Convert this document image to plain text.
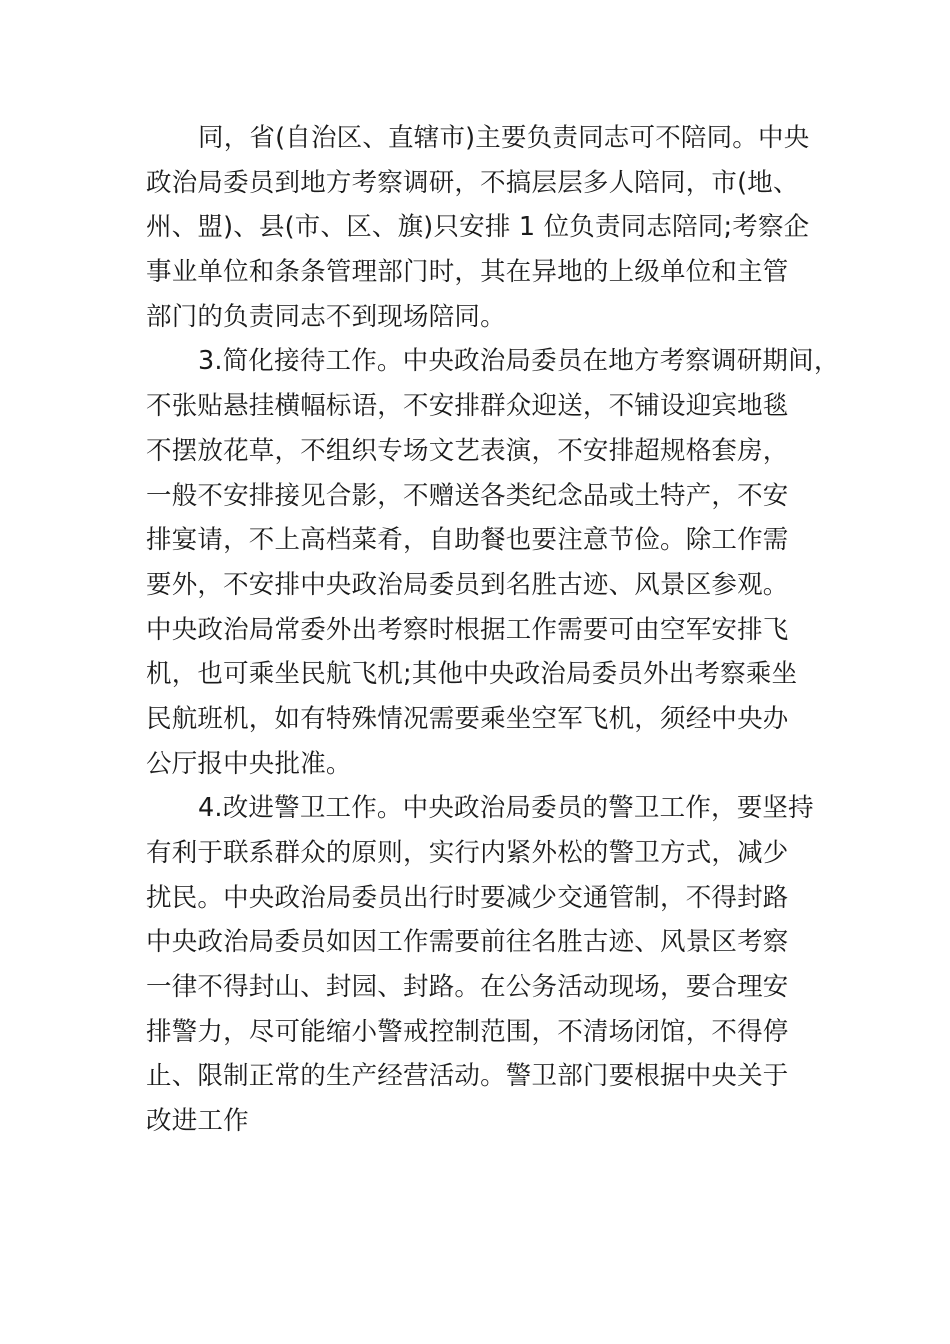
同，省(自治区、直辖市)主要负责同志可不陪同。中央
政治局委员到地方考察调研，不搞层层多人陪同，市(地、
州、盟)、县(市、区、旗)只安排 1 位负责同志陪同;考察企
事业单位和条条管理部门时，其在异地的上级单位和主管
部门的负责同志不到现场陪同。
3.简化接待工作。中央政治局委员在地方考察调研期间，
不张贴悬挂横幅标语，不安排群众迎送，不铺设迎宾地毯
不摆放花草，不组织专场文艺表演，不安排超规格套房，
一般不安排接见合影，不赠送各类纪念品或土特产，不安
排宴请，不上高档菜肴，自助餐也要注意节俭。除工作需
要外，不安排中央政治局委员到名胜古迹、风景区参观。
中央政治局常委外出考察时根据工作需要可由空军安排飞
机，也可乘坐民航飞机;其他中央政治局委员外出考察乘坐
民航班机，如有特殊情况需要乘坐空军飞机，须经中央办
公厅报中央批准。
4.改进警卫工作。中央政治局委员的警卫工作，要坚持
有利于联系群众的原则，实行内紧外松的警卫方式，减少
扰民。中央政治局委员出行时要减少交通管制，不得封路
中央政治局委员如因工作需要前往名胜古迹、风景区考察
一律不得封山、封园、封路。在公务活动现场，要合理安
排警力，尽可能缩小警戒控制范围，不清场闭馆，不得停
止、限制正常的生产经营活动。警卫部门要根据中央关于
改进工作
